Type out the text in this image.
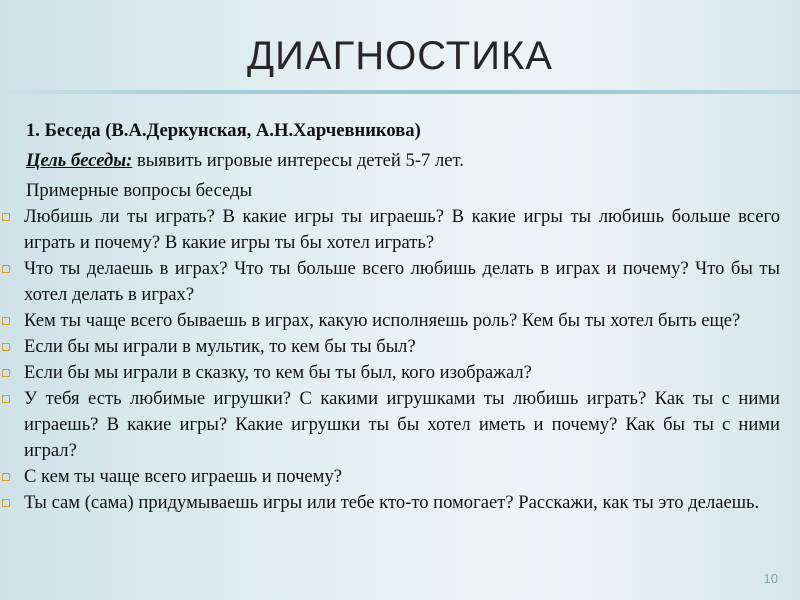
ДИАГНОСТИКА
1. Беседа (В.А.Деркунская, А.Н.Харчевникова)
Цель беседы: выявить игровые интересы детей 5-7 лет.
Примерные вопросы беседы
Любишь ли ты играть? В какие игры ты играешь? В какие игры ты любишь больше всего играть и почему? В какие игры ты бы хотел играть?
Что ты делаешь в играх? Что ты больше всего любишь делать в играх и почему? Что бы ты хотел делать в играх?
Кем ты чаще всего бываешь в играх, какую исполняешь роль? Кем бы ты хотел быть еще?
Если бы мы играли в мультик, то кем бы ты был?
Если бы мы играли в сказку, то кем бы ты был, кого изображал?
У тебя есть любимые игрушки? С какими игрушками ты любишь играть? Как ты с ними играешь? В какие игры? Какие игрушки ты бы хотел иметь и почему? Как бы ты с ними играл?
С кем ты чаще всего играешь и почему?
Ты сам (сама) придумываешь игры или тебе кто-то помогает? Расскажи, как ты это делаешь.
10
